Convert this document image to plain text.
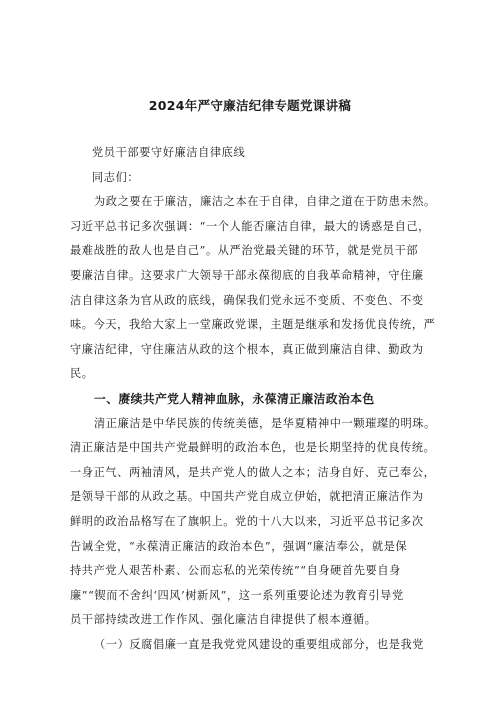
2024年严守廉洁纪律专题党课讲稿
党员干部要守好廉洁自律底线
同志们：
为政之要在于廉洁，廉洁之本在于自律，自律之道在于防患未然。
习近平总书记多次强调：“一个人能否廉洁自律，最大的诱惑是自己，
最难战胜的敌人也是自己”。从严治党最关键的环节，就是党员干部
要廉洁自律。这要求广大领导干部永葆彻底的自我革命精神，守住廉
洁自律这条为官从政的底线，确保我们党永远不变质、不变色、不变
味。今天，我给大家上一堂廉政党课，主题是继承和发扬优良传统，严
守廉洁纪律，守住廉洁从政的这个根本，真正做到廉洁自律、勤政为
民。
一、赓续共产党人精神血脉，永葆清正廉洁政治本色
清正廉洁是中华民族的传统美德，是华夏精神中一颗璀璨的明珠。
清正廉洁是中国共产党最鲜明的政治本色，也是长期坚持的优良传统。
一身正气、两袖清风，是共产党人的做人之本；洁身自好、克己奉公，
是领导干部的从政之基。中国共产党自成立伊始，就把清正廉洁作为
鲜明的政治品格写在了旗帜上。党的十八大以来，习近平总书记多次
告诫全党，“永葆清正廉洁的政治本色”，强调“廉洁奉公，就是保
持共产党人艰苦朴素、公而忘私的光荣传统”“自身硬首先要自身
廉”“锲而不舍纠‘四风’树新风”，这一系列重要论述为教育引导党
员干部持续改进工作作风、强化廉洁自律提供了根本遵循。
（一）反腐倡廉一直是我党党风建设的重要组成部分，也是我党
